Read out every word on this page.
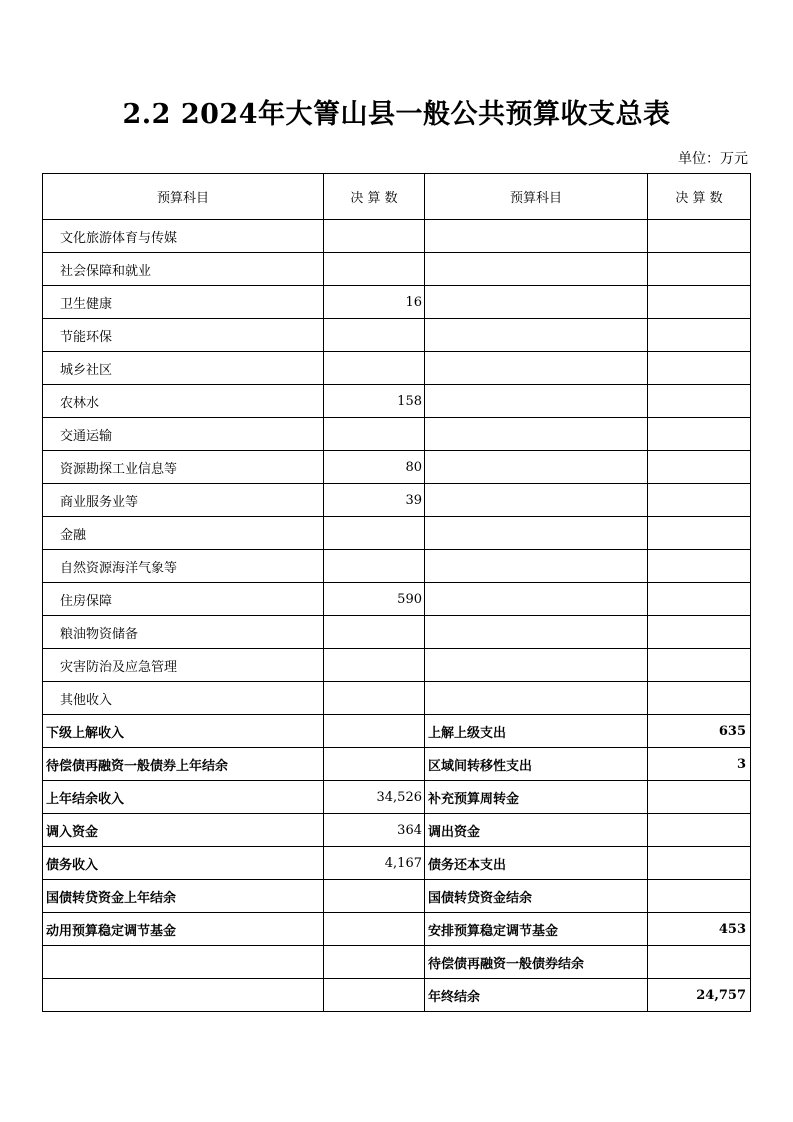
2.2 2024年大箐山县一般公共预算收支总表
单位：万元
预算科目	决 算 数	预算科目	决 算 数
文化旅游体育与传媒			
社会保障和就业			
卫生健康	16		
节能环保			
城乡社区			
农林水	158		
交通运输			
资源勘探工业信息等	80		
商业服务业等	39		
金融			
自然资源海洋气象等			
住房保障	590		
粮油物资储备			
灾害防治及应急管理			
其他收入			
下级上解收入		上解上级支出	635
待偿债再融资一般债券上年结余		区域间转移性支出	3
上年结余收入	34,526	补充预算周转金	
调入资金	364	调出资金	
债务收入	4,167	债务还本支出	
国债转贷资金上年结余		国债转贷资金结余	
动用预算稳定调节基金		安排预算稳定调节基金	453
		待偿债再融资一般债券结余	
		年终结余	24,757
